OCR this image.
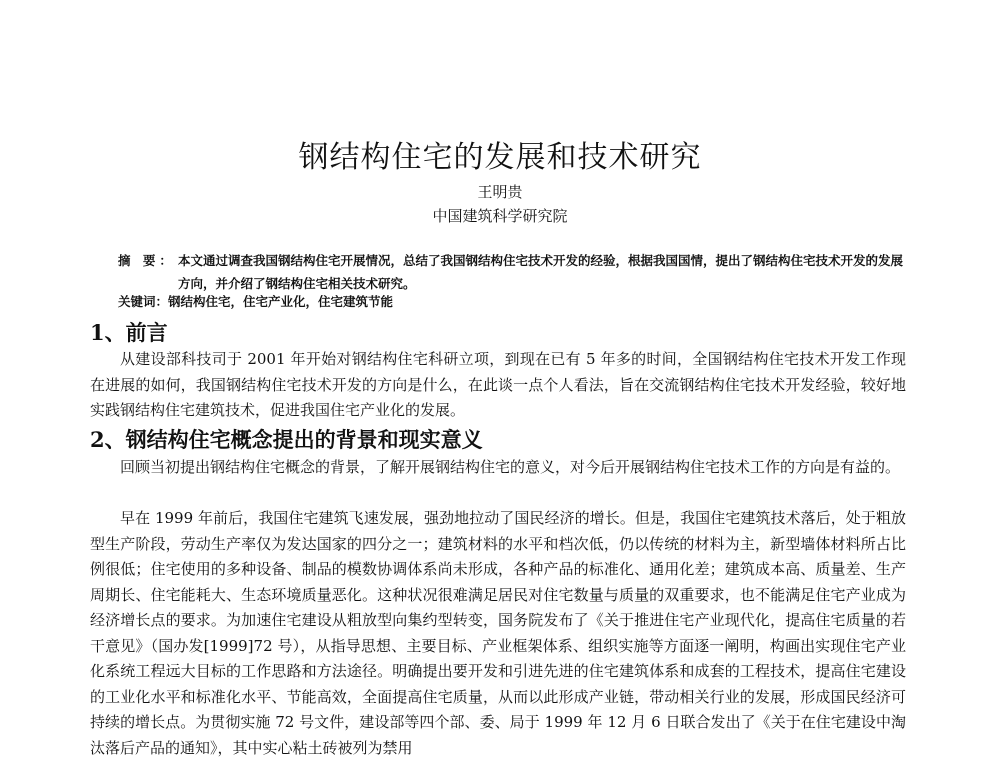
钢结构住宅的发展和技术研究
王明贵
中国建筑科学研究院
摘 要： 本文通过调查我国钢结构住宅开展情况，总结了我国钢结构住宅技术开发的经验，根据我国国情，提出了钢结构住宅技术开发的发展方向，并介绍了钢结构住宅相关技术研究。
关键词：钢结构住宅，住宅产业化，住宅建筑节能
1、前言

从建设部科技司于 2001 年开始对钢结构住宅科研立项，到现在已有 5 年多的时间，全国钢结构住宅技术开发工作现在进展的如何，我国钢结构住宅技术开发的方向是什么，在此谈一点个人看法，旨在交流钢结构住宅技术开发经验，较好地实践钢结构住宅建筑技术，促进我国住宅产业化的发展。

2、钢结构住宅概念提出的背景和现实意义

回顾当初提出钢结构住宅概念的背景，了解开展钢结构住宅的意义，对今后开展钢结构住宅技术工作的方向是有益的。

早在 1999 年前后，我国住宅建筑飞速发展，强劲地拉动了国民经济的增长。但是，我国住宅建筑技术落后，处于粗放型生产阶段，劳动生产率仅为发达国家的四分之一；建筑材料的水平和档次低，仍以传统的材料为主，新型墙体材料所占比例很低；住宅使用的多种设备、制品的模数协调体系尚未形成，各种产品的标准化、通用化差；建筑成本高、质量差、生产周期长、住宅能耗大、生态环境质量恶化。这种状况很难满足居民对住宅数量与质量的双重要求，也不能满足住宅产业成为经济增长点的要求。为加速住宅建设从粗放型向集约型转变，国务院发布了《关于推进住宅产业现代化，提高住宅质量的若干意见》（国办发[1999]72 号），从指导思想、主要目标、产业框架体系、组织实施等方面逐一阐明，构画出实现住宅产业化系统工程远大目标的工作思路和方法途径。明确提出要开发和引进先进的住宅建筑体系和成套的工程技术，提高住宅建设的工业化水平和标准化水平、节能高效，全面提高住宅质量，从而以此形成产业链，带动相关行业的发展，形成国民经济可持续的增长点。为贯彻实施 72 号文件，建设部等四个部、委、局于 1999 年 12 月 6 日联合发出了《关于在住宅建设中淘汰落后产品的通知》，其中实心粘土砖被列为禁用
